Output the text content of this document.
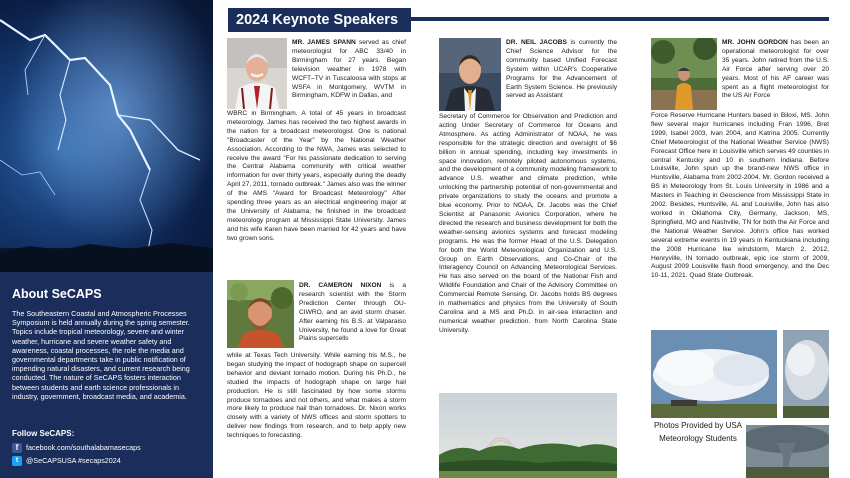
About SeCAPS

The Southeastern Coastal and Atmospheric Processes Symposium is held annually during the spring semester. Topics include tropical meteorology, severe and winter weather, hurricane and severe weather safety and awareness, coastal processes, the role the media and governmental departments take in public notification of impending natural disasters, and current research being conducted. The nature of SeCAPS fosters interaction between students and earth science professionals in industry, government, broadcast media, and academia.

Follow SeCAPS:
f	facebook.com/southalabamasecaps
t	@SeCAPSUSA #secaps2024
2024 Keynote Speakers
MR. JAMES SPANN served as chief meteorologist for ABC 33/40 in Birmingham for 27 years. Began television weather in 1978 with WCFT–TV in Tuscaloosa with stops at WSFA in Montgomery, WVTM in Birmingham, KDFW in Dallas, and
WBRC in Birmingham. A total of 45 years in broadcast meteorology. James has received the two highest awards in the nation for a broadcast meteorologist. One is national "Broadcaster of the Year" by the National Weather Association. According to the NWA, James was selected to receive the award "For his passionate dedication to serving the Central Alabama community with critical weather information for over thirty years, especially during the deadly April 27, 2011, tornado outbreak." James also was the winner of the AMS "Award for Broadcast Meteorology" After spending three years as an electrical engineering major at the University of Alabama, he finished in the broadcast meteorology program at Mississippi State University. James and his wife Karen have been married for 42 years and have two grown sons.
DR. CAMERON NIXON is a research scientist with the Storm Prediction Center through OU-CIWRO, and an avid storm chaser. After earning his B.S. at Valparaiso University, he found a love for Great Plains supercells
while at Texas Tech University. While earning his M.S., he began studying the impact of hodograph shape on supercell behavior and deviant tornado motion. During his Ph.D., he studied the impacts of hodograph shape on large hail production. He is still fascinated by how some storms produce tornadoes and not others, and what makes a storm more likely to produce hail than tornadoes. Dr. Nixon works closely with a variety of NWS offices and storm spotters to deliver new findings from research, and to help apply new techniques to forecasting.
DR. NEIL JACOBS is currently the Chief Science Advisor for the community based Unified Forecast System within UCAR's Cooperative Programs for the Advancement of Earth System Science. He previously served as Assistant
Secretary of Commerce for Observation and Prediction and acting Under Secretary of Commerce for Oceans and Atmosphere. As acting Administrator of NOAA, he was responsible for the strategic direction and oversight of $6 billion in annual spending, including key investments in space innovation, remotely piloted autonomous systems, and the development of a community modeling framework to advance U.S. weather and climate prediction, while unlocking the partnership potential of non-governmental and private organizations to study the oceans and promote a blue economy. Prior to NOAA, Dr. Jacobs was the Chief Scientist at Panasonic Avionics Corporation, where he directed the research and business development for both the weather-sensing avionics systems and forecast modeling programs. He was the former Head of the U.S. Delegation for both the World Meteorological Organization and U.S. Group on Earth Observations, and Co-Chair of the Interagency Council on Advancing Meteorological Services. He has also served on the board of the National Fish and Wildlife Foundation and Chair of the Advisory Committee on Commercial Remote Sensing. Dr. Jacobs holds BS degrees in mathematics and physics from the University of South Carolina and a MS and Ph.D. in air-sea interaction and numerical weather prediction. from North Carolina State University.
MR. JOHN GORDON has been an operational meteorologist for over 35 years. John retired from the U.S. Air Force after serving over 20 years. Most of his AF career was spent as a flight meteorologist for the US Air Force
Force Reserve Hurricane Hunters based in Biloxi, MS. John flew several major hurricanes including Fran 1996, Bret 1999, Isabel 2003, Ivan 2004, and Katrina 2005. Currently Chief Meteorologist of the National Weather Service (NWS) Forecast Office here in Louisville which serves 49 counties in central Kentucky and 10 in southern Indiana. Before Louisville, John spun up the brand-new NWS office in Huntsville, Alabama from 2002-2004. Mr. Gordon received a BS in Meteorology from St. Louis University in 1986 and a Masters in Teaching in Geoscience from Mississippi State in 2002. Besides, Huntsville, AL and Louisville, John has also worked in Oklahoma City, Germany, Jackson, MS, Springfield, MO and Nashville, TN for both the Air Force and the National Weather Service. John's office has worked several extreme events in 19 years in Kentuckiana including the 2008 Hurricane Ike windstorm, March 2, 2012, Henryville, IN tornado outbreak, epic ice storm of 2009, August 2009 Louisville flash flood emergency, and the Dec 10-11, 2021. Quad State Outbreak.
Photos Provided by USA Meteorology Students
